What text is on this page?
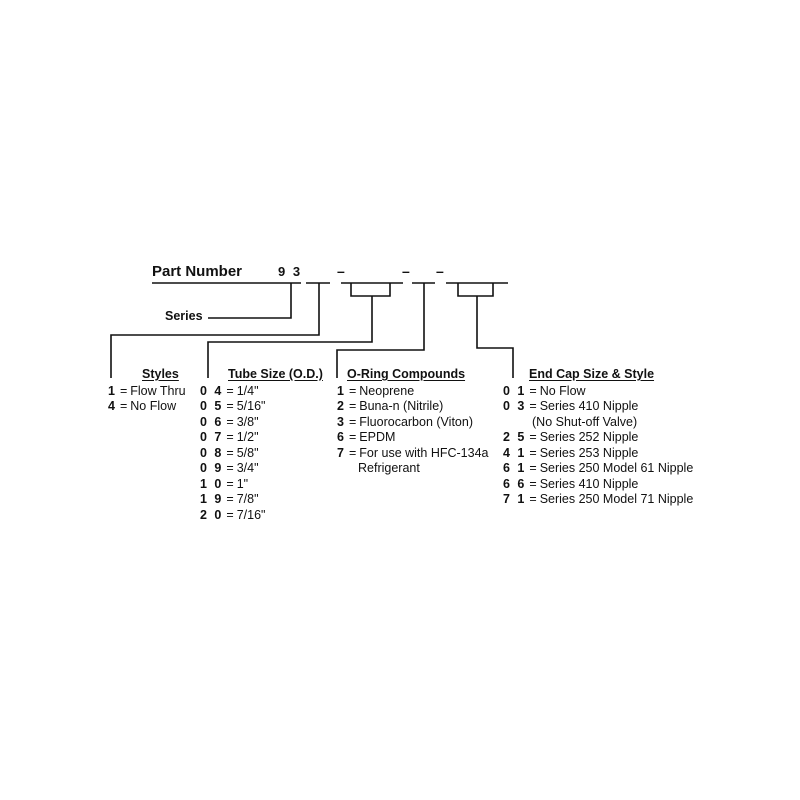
Part Number	9 3 –	– –
Series
Styles
1 = Flow Thru
4 = No Flow
Tube Size (O.D.)
0 4 = 1/4"
0 5 = 5/16"
0 6 = 3/8"
0 7 = 1/2"
0 8 = 5/8"
0 9 = 3/4"
1 0 = 1"
1 9 = 7/8"
2 0 = 7/16"
O-Ring Compounds
1 = Neoprene
2 = Buna-n (Nitrile)
3 = Fluorocarbon (Viton)
6 = EPDM
7 = For use with HFC-134a
Refrigerant
End Cap Size & Style
0 1 = No Flow
0 3 = Series 410 Nipple
(No Shut-off Valve)
2 5 = Series 252 Nipple
4 1 = Series 253 Nipple
6 1 = Series 250 Model 61 Nipple
6 6 = Series 410 Nipple
7 1 = Series 250 Model 71 Nipple
